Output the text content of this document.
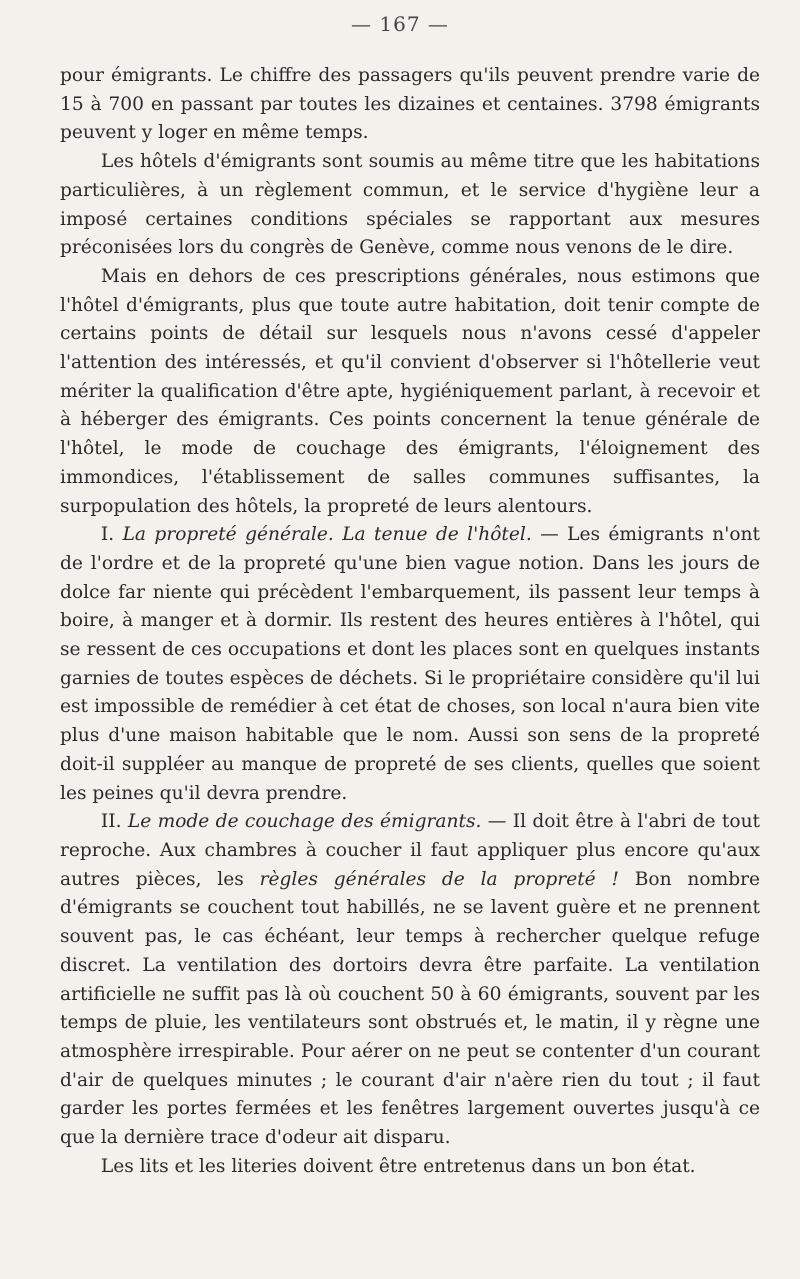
— 167 —

pour émigrants. Le chiffre des passagers qu'ils peuvent prendre varie de 15 à 700 en passant par toutes les dizaines et centaines. 3798 émigrants peuvent y loger en même temps.

Les hôtels d'émigrants sont soumis au même titre que les habitations particulières, à un règlement commun, et le service d'hygiène leur a imposé certaines conditions spéciales se rapportant aux mesures préconisées lors du congrès de Genève, comme nous venons de le dire.

Mais en dehors de ces prescriptions générales, nous estimons que l'hôtel d'émigrants, plus que toute autre habitation, doit tenir compte de certains points de détail sur lesquels nous n'avons cessé d'appeler l'attention des intéressés, et qu'il convient d'observer si l'hôtellerie veut mériter la qualification d'être apte, hygiéniquement parlant, à recevoir et à héberger des émigrants. Ces points concernent la tenue générale de l'hôtel, le mode de couchage des émigrants, l'éloignement des immondices, l'établissement de salles communes suffisantes, la surpopulation des hôtels, la propreté de leurs alentours.

I. La propreté générale. La tenue de l'hôtel. — Les émigrants n'ont de l'ordre et de la propreté qu'une bien vague notion. Dans les jours de dolce far niente qui précèdent l'embarquement, ils passent leur temps à boire, à manger et à dormir. Ils restent des heures entières à l'hôtel, qui se ressent de ces occupations et dont les places sont en quelques instants garnies de toutes espèces de déchets. Si le propriétaire considère qu'il lui est impossible de remédier à cet état de choses, son local n'aura bien vite plus d'une maison habitable que le nom. Aussi son sens de la propreté doit-il suppléer au manque de propreté de ses clients, quelles que soient les peines qu'il devra prendre.

II. Le mode de couchage des émigrants. — Il doit être à l'abri de tout reproche. Aux chambres à coucher il faut appliquer plus encore qu'aux autres pièces, les règles générales de la propreté ! Bon nombre d'émigrants se couchent tout habillés, ne se lavent guère et ne prennent souvent pas, le cas échéant, leur temps à rechercher quelque refuge discret. La ventilation des dortoirs devra être parfaite. La ventilation artificielle ne suffit pas là où couchent 50 à 60 émigrants, souvent par les temps de pluie, les ventilateurs sont obstrués et, le matin, il y règne une atmosphère irrespirable. Pour aérer on ne peut se contenter d'un courant d'air de quelques minutes ; le courant d'air n'aère rien du tout ; il faut garder les portes fermées et les fenêtres largement ouvertes jusqu'à ce que la dernière trace d'odeur ait disparu.

Les lits et les literies doivent être entretenus dans un bon état.
